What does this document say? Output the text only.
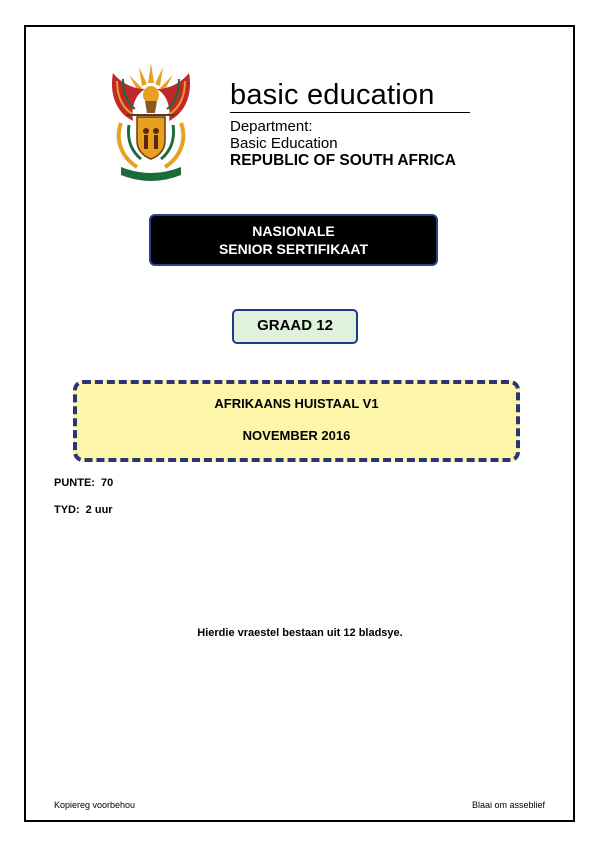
basic education
Department:
Basic Education
REPUBLIC OF SOUTH AFRICA
NASIONALE
SENIOR SERTIFIKAAT
GRAAD 12
AFRIKAANS HUISTAAL V1
NOVEMBER 2016
PUNTE: 70
TYD: 2 uur
Hierdie vraestel bestaan uit 12 bladsye.
Kopiereg voorbehou	Blaai om asseblief
